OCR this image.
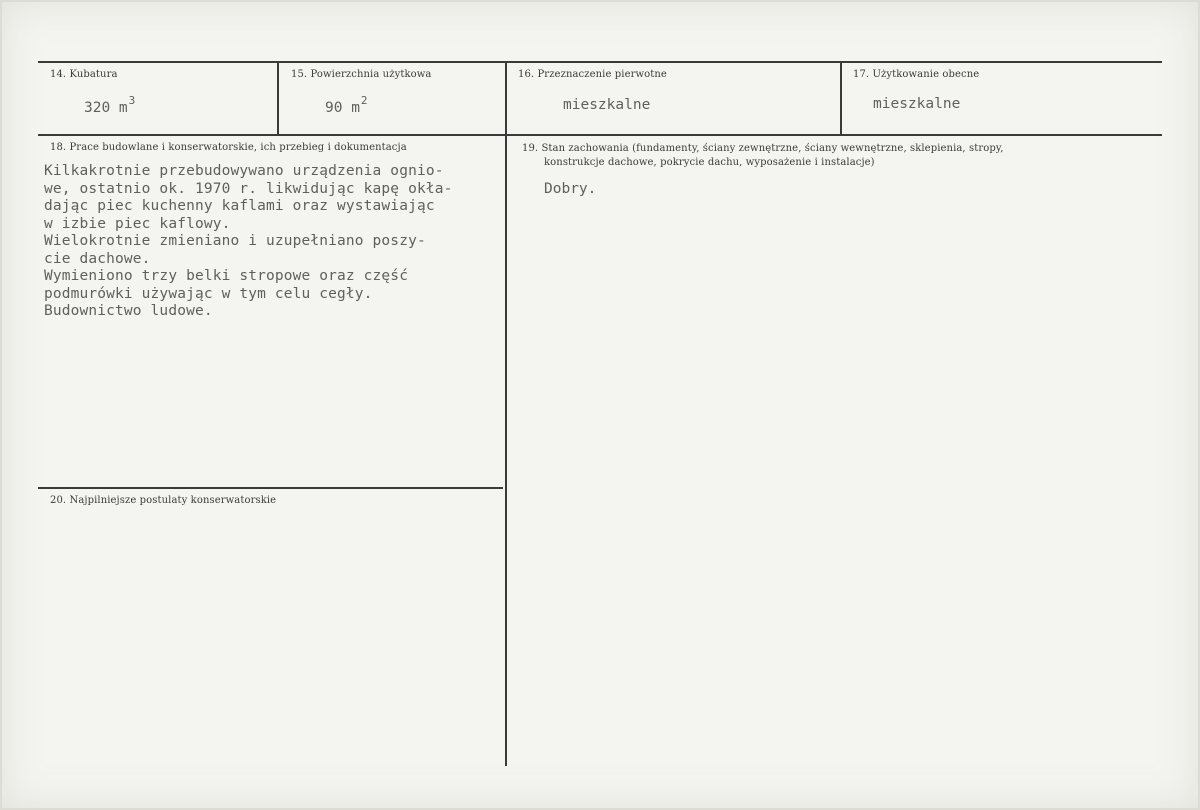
14. Kubatura
320 $m^3$
15. Powierzchnia użytkowa
90 $m^2$
16. Przeznaczenie pierwotne
mieszkalne
17. Użytkowanie obecne
mieszkalne
18. Prace budowlane i konserwatorskie, ich przebieg i dokumentacja
Kilkakrotnie przebudowywano urządzenia ognio-
we, ostatnio ok. 1970 r. likwidując kapę okła-
dając piec kuchenny kaflami oraz wystawiając
w izbie piec kaflowy.
Wielokrotnie zmieniano i uzupełniano poszy-
cie dachowe.
Wymieniono trzy belki stropowe oraz część
podmurówki używając w tym celu cegły.
Budownictwo ludowe.
19. Stan zachowania (fundamenty, ściany zewnętrzne, ściany wewnętrzne, sklepienia, stropy,
konstrukcje dachowe, pokrycie dachu, wyposażenie i instalacje)
Dobry.
20. Najpilniejsze postulaty konserwatorskie
